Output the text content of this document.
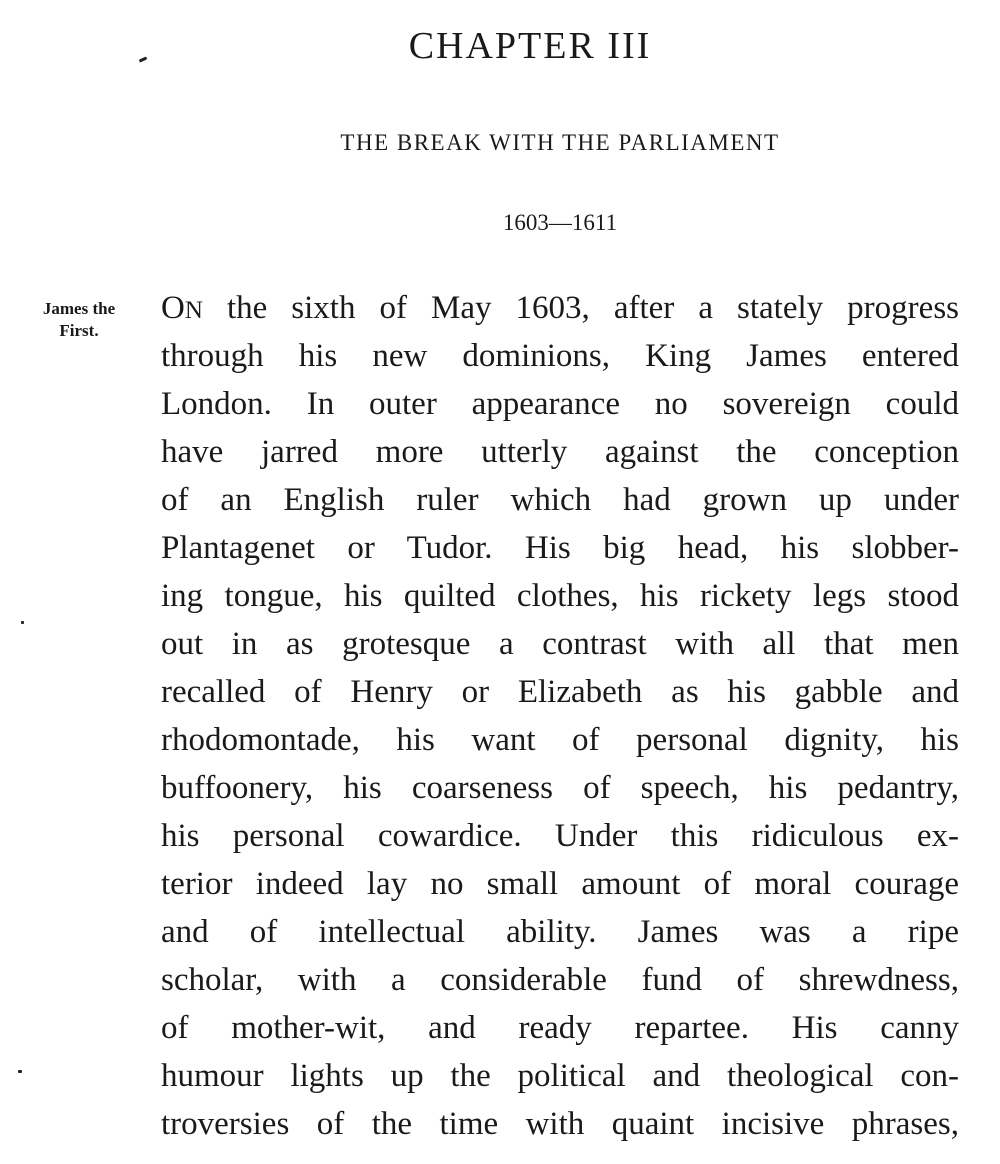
CHAPTER III
THE BREAK WITH THE PARLIAMENT
1603—1611
James the
First.
ON the sixth of May 1603, after a stately progress
through his new dominions, King James entered
London. In outer appearance no sovereign could
have jarred more utterly against the conception
of an English ruler which had grown up under
Plantagenet or Tudor. His big head, his slobber-
ing tongue, his quilted clothes, his rickety legs stood
out in as grotesque a contrast with all that men
recalled of Henry or Elizabeth as his gabble and
rhodomontade, his want of personal dignity, his
buffoonery, his coarseness of speech, his pedantry,
his personal cowardice. Under this ridiculous ex-
terior indeed lay no small amount of moral courage
and of intellectual ability. James was a ripe
scholar, with a considerable fund of shrewdness,
of mother-wit, and ready repartee. His canny
humour lights up the political and theological con-
troversies of the time with quaint incisive phrases,
